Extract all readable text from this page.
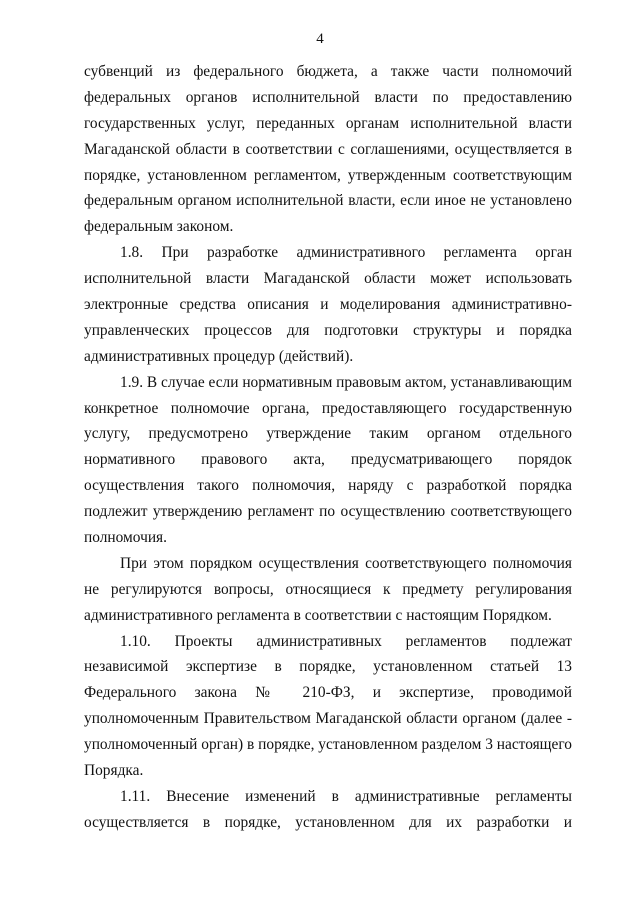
4
субвенций из федерального бюджета, а также части полномочий
федеральных органов исполнительной власти по предоставлению
государственных услуг, переданных органам исполнительной власти
Магаданской области в соответствии с соглашениями, осуществляется в
порядке, установленном регламентом, утвержденным соответствующим
федеральным органом исполнительной власти, если иное не установлено
федеральным законом.
1.8. При разработке административного регламента орган
исполнительной власти Магаданской области может использовать
электронные средства описания и моделирования административно-
управленческих процессов для подготовки структуры и порядка
административных процедур (действий).
1.9. В случае если нормативным правовым актом, устанавливающим
конкретное полномочие органа, предоставляющего государственную
услугу, предусмотрено утверждение таким органом отдельного
нормативного правового акта, предусматривающего порядок
осуществления такого полномочия, наряду с разработкой порядка
подлежит утверждению регламент по осуществлению соответствующего
полномочия.
При этом порядком осуществления соответствующего полномочия
не регулируются вопросы, относящиеся к предмету регулирования
административного регламента в соответствии с настоящим Порядком.
1.10. Проекты административных регламентов подлежат
независимой экспертизе в порядке, установленном статьей 13
Федерального закона № 210-ФЗ, и экспертизе, проводимой
уполномоченным Правительством Магаданской области органом (далее -
уполномоченный орган) в порядке, установленном разделом 3 настоящего
Порядка.
1.11. Внесение изменений в административные регламенты
осуществляется в порядке, установленном для их разработки и
